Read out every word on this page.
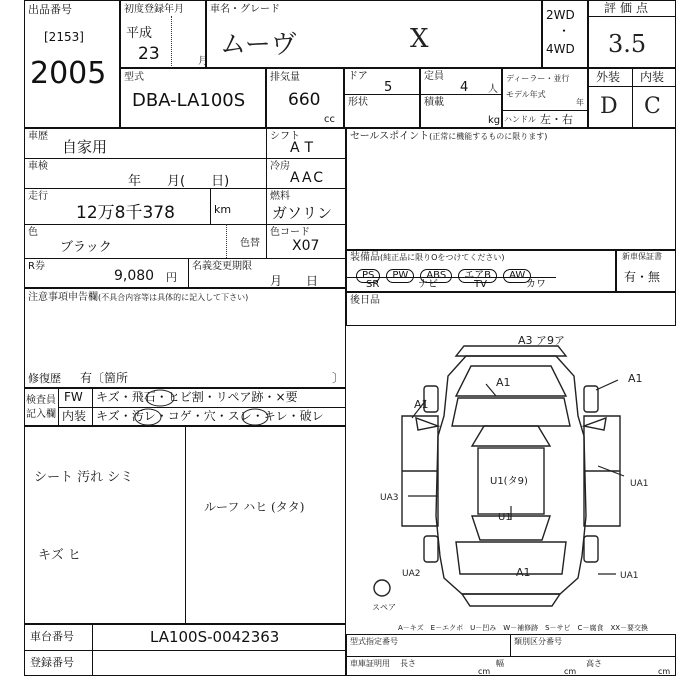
出品番号
[2153]
2005
初度登録年月
平成
23	月
車名・グレード
ムーヴ	X
2WD
・
4WD
評価点
3.5
型式
DBA-LA100S
排気量
660
cc
ドア
5
形状
定員
4 人
積載
kg
ディーラー・並行
モデル年式
年
ハンドル 左・右
外装 内装
D C
車歴
自家用
シフト
AT
車検
年　　月(　　日)
冷房
AAC
走行
12万8千378	km
燃料
ガソリン
色
ブラック	色替
色コード
X07
R券
9,080 円
名義変更期限
月　　日
セールスポイント(正常に機能するものに限ります)
装備品(純正品に限りOをつけてください)
PS PW ABS エアB AW
SR	ナビ	TV	カワ
新車保証書
有・無
後日品
注意事項申告欄(不具合内容等は具体的に記入して下さい)
修復歴 有〔箇所	〕
検査員
記入欄
FW キズ・飛石・ヒビ割・リペア跡・×要
内装 キズ・汚レ・コゲ・穴・スレ・キレ・破レ
シート 汚れ シミ
ルーフ ハヒ (タタ)
キズ ヒ
A3 ア9ア
A1	A1
A1
U1(タ9)
U1
UA1
UA3
UA2	A1	UA1
スペア
A－キズ　E－エクボ　U－凹み　W－補修跡　S－サビ　C－腐食　XX－要交換
車台番号	LA100S-0042363
登録番号
型式指定番号	類別区分番号
車庫証明用 長さ
cm
幅
cm
高さ
cm
